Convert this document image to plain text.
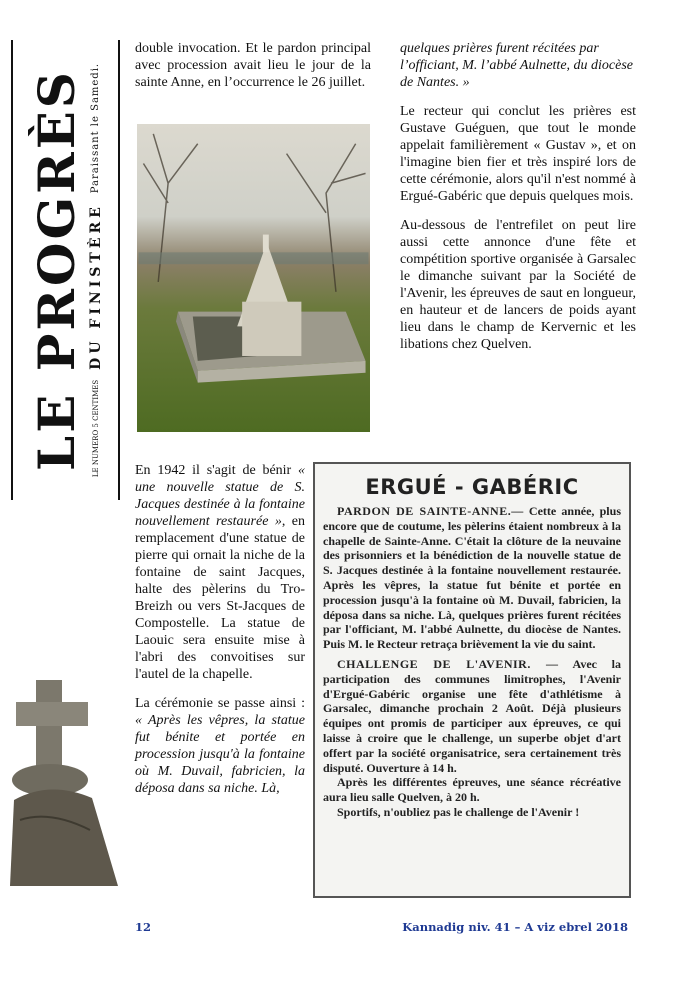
LE PROGRÈS LE NUMERO 5 CENTIMES
DU FINISTÈRE
Paraissant le Samedi.

double invocation. Et le pardon principal avec procession avait lieu le jour de la sainte Anne, en l’occurrence le 26 juillet.

quelques prières furent récitées par l’officiant, M. l’abbé Aulnette, du diocèse de Nantes. »

Le recteur qui conclut les prières est Gustave Guéguen, que tout le monde appelait familièrement « Gustav », et on l'imagine bien fier et très inspiré lors de cette cérémonie, alors qu'il n'est nommé à Ergué-Gabéric que depuis quelques mois.

Au-dessous de l'entrefilet on peut lire aussi cette annonce d'une fête et compétition sportive organisée à Garsalec le dimanche suivant par la Société de l'Avenir, les épreuves de saut en longueur, en hauteur et de lancers de poids ayant lieu dans le champ de Kervernic et les libations chez Quelven.

En 1942 il s'agit de bénir « une nouvelle statue de S. Jacques destinée à la fontaine nouvellement restaurée », en remplacement d'une statue de pierre qui ornait la niche de la fontaine de saint Jacques, halte des pèlerins du Tro-Breizh ou vers St-Jacques de Compostelle. La statue de Laouic sera ensuite mise à l'abri des convoitises sur l'autel de la chapelle.

La cérémonie se passe ainsi : « Après les vêpres, la statue fut bénite et portée en procession jusqu'à la fontaine où M. Duvail, fabricien, la déposa dans sa niche. Là,

ERGUÉ - GABÉRIC

PARDON DE SAINTE-ANNE.— Cette année, plus encore que de coutume, les pèlerins étaient nombreux à la chapelle de Sainte-Anne. C'était la clôture de la neuvaine des prisonniers et la bénédiction de la nouvelle statue de S. Jacques destinée à la fontaine nouvellement restaurée. Après les vêpres, la statue fut bénite et portée en procession jusqu'à la fontaine où M. Duvail, fabricien, la déposa dans sa niche. Là, quelques prières furent récitées par l'officiant, M. l'abbé Aulnette, du diocèse de Nantes. Puis M. le Recteur retraça brièvement la vie du saint.

CHALLENGE DE L'AVENIR. — Avec la participation des communes limitrophes, l'Avenir d'Ergué-Gabéric organise une fête d'athlétisme à Garsalec, dimanche prochain 2 Août. Déjà plusieurs équipes ont promis de participer aux épreuves, ce qui laisse à croire que le challenge, un superbe objet d'art offert par la société organisatrice, sera certainement très disputé. Ouverture à 14 h.

Après les différentes épreuves, une séance récréative aura lieu salle Quelven, à 20 h.

Sportifs, n'oubliez pas le challenge de l'Avenir !

12	Kannadig niv. 41 – A viz ebrel 2018
